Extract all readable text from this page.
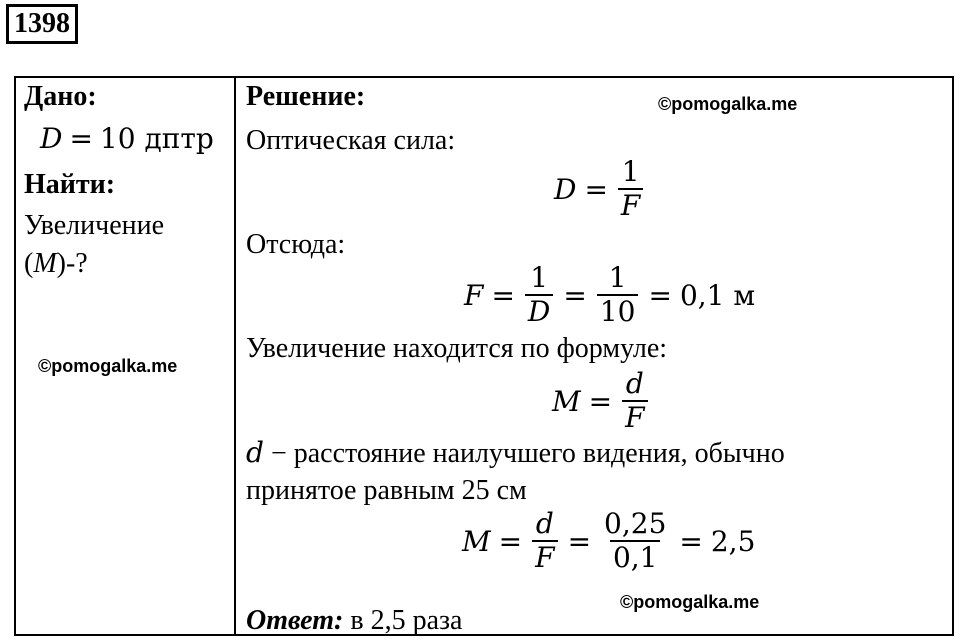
1398
Дано:
D = 10 дптр
Найти:
Увеличение
(M)-?
©pomogalka.me
Решение:	©pomogalka.me
Оптическая сила:
$D = \frac{1}{F}$
Отсюда:
$F = \frac{1}{D} = \frac{1}{10} = 0,1$ м
Увеличение находится по формуле:
$M = \frac{d}{F}$
d − расстояние наилучшего видения, обычно
принятое равным 25 см
$M = \frac{d}{F} = \frac{0,25}{0,1} = 2,5$
©pomogalka.me
Ответ: в 2,5 раза
